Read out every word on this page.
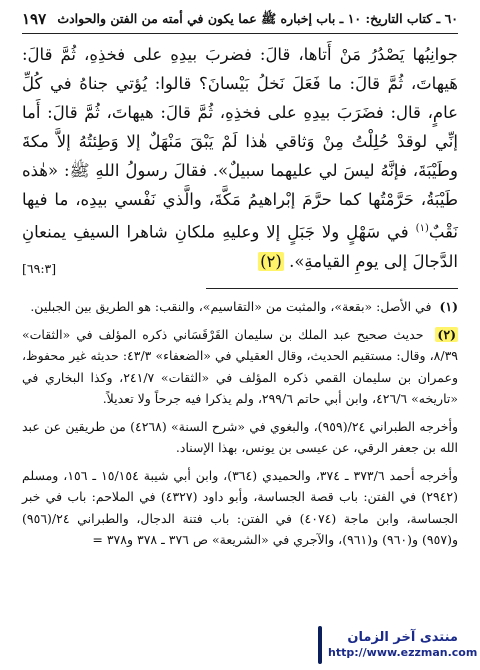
٦٠ ـ كتاب التاريخ: ١٠ ـ باب إخباره ﷺ عما يكون في أمته من الفتن والحوادث
١٩٧
جوانِبُها يَصْدُرُ مَنْ أَتاها، قالَ: فضربَ بيدِهِ على فخذِهِ، ثُمَّ قالَ: هَيهاتَ، ثُمَّ قالَ: ما فَعَلَ نَخلُ بَيْسانَ؟ قالوا: يُؤتي جناهُ في كُلِّ عامٍ، قال: فضَرَبَ بيدِهِ على فخذِهِ، ثُمَّ قالَ: هيهاتَ، ثُمَّ قالَ: أَما إنِّي لوقدْ حُلِلْتُ مِنْ وَثاقي هٰذا لَمْ يَبْقَ مَنْهَلٌ إلا وَطِئتُهُ إلاَّ مكةَ وطَيْبَةَ، فإنَّهُ ليسَ لي عليهما سبيلٌ». فقالَ رسولُ اللهِ ﷺ: «هٰذه طَيْبَةُ، حَرَّمْتُها كما حرَّمَ إبْراهيمُ مَكَّةَ، والَّذي نَفْسي بيدِه، ما فيها نَقْبٌ$^{(١)}$ في سَهْلٍ ولا جَبَلٍ إلا وعليهِ ملكانِ شاهرا السيفِ يمنعانِ الدَّجالَ إلى يومِ القيامةِ». (٢)
[٦٩:٣]

(١) في الأصل: «بقعة»، والمثبت من «التقاسيم»، والنقب: هو الطريق بين الجبلين.

(٢) حديث صحيح عبد الملك بن سليمان القَرْقَسَاني ذكره المؤلف في «الثقات» ٨/٣٩، وقال: مستقيم الحديث، وقال العقيلي في «الضعفاء» ٤٣/٣: حديثه غير محفوظ، وعمران بن سليمان القمي ذكره المؤلف في «الثقات» ٢٤١/٧، وكذا البخاري في «تاريخه» ٤٢٦/٦، وابن أبي حاتم ٢٩٩/٦، ولم يذكرا فيه جرحاً ولا تعديلاً.

وأخرجه الطبراني ٢٤/(٩٥٩)، والبغوي في «شرح السنة» (٤٢٦٨) من طريقين عن عبد الله بن جعفر الرقي، عن عيسى بن يونس، بهذا الإسناد.

وأخرجه أحمد ٣٧٣/٦ ـ ٣٧٤، والحميدي (٣٦٤)، وابن أبي شيبة ١٥/١٥٤ ـ ١٥٦، ومسلم (٢٩٤٢) في الفتن: باب قصة الجساسة، وأبو داود (٤٣٢٧) في الملاحم: باب في خبر الجساسة، وابن ماجة (٤٠٧٤) في الفتن: باب فتنة الدجال، والطبراني ٢٤/(٩٥٦) و(٩٥٧) و(٩٦٠) و(٩٦١)، والآجري في «الشريعة» ص ٣٧٦ ـ ٣٧٨ و٣٧٨ =

منتدى آخر الزمان
http://www.ezzman.com
